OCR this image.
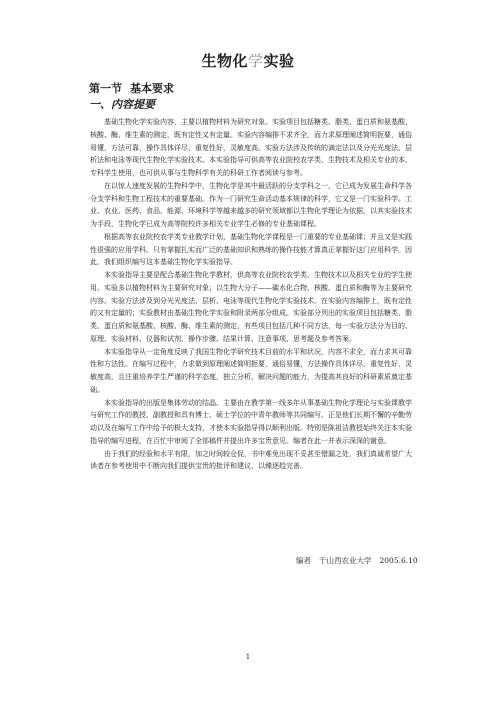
生物化学实验
第一节 基本要求
一、内容提要

基础生物化学实验内容，主要以植物材料为研究对象。实验项目包括糖类、脂类、蛋白质和氨基酸、核酸、酶、维生素的测定，既有定性又有定量。实验内容编排不求齐全，而力求原理阐述简明扼要，通俗易懂，方法可靠，操作具体详尽，重复性好，灵敏度高。实验方法涉及传统的滴定法以及分光光度法、层析法和电泳等现代生物化学实验技术。本实验指导可供高等农业院校农学类、生物技术及相关专业的本、专科学生使用，也可供从事与生物科学有关的科研工作者阅读与参考。

在以惊人速度发展的生物科学中，生物化学是其中最活跃的分支学科之一，它已成为发展生命科学各分支学科和生物工程技术的重要基础。作为一门研究生命活动基本规律的科学，它又是一门实验科学。工业、农业、医药、食品、能源、环境科学等越来越多的研究领域都以生物化学理论为依据，以其实验技术为手段，生物化学已成为高等院校许多相关专业学生必修的专业基础课程。

根据高等农业院校农学类专业教学计划，基础生物化学课程是一门重要的专业基础课；并且又是实践性很强的应用学科。只有掌握扎实而广泛的基础知识和熟练的操作技能才算真正掌握好这门应用科学。因此，我们组织编写这本基础生物化学实验指导。

本实验指导主要是配合基础生物化学教材，供高等农业院校农学类、生物技术以及相关专业的学生使用。实验多以植物材料为主要研究对象；以生物大分子——碳水化合物、核酸、蛋白质和酶等为主要研究内容。实验方法涉及到分光光度法、层析、电泳等现代生物化学实验技术。在实验内容编排上，既有定性的又有定量的；实验教材由基础生物化学实验和附录两部分组成。实验部分列出的实验项目包括糖类、脂类、蛋白质和氨基酸、核酸、酶、维生素的测定，有些项目包括几种不同方法，每一实验方法分为目的、原理、实验材料、仪器和试剂、操作步骤、结果计算、注意事项、思考题及参考答案。

本实验指导从一定角度反映了我国生物化学研究技术目前的水平和状况，内容不求全，而力求其可靠性和方法性。在编写过程中，力求做到原理阐述简明扼要，通俗易懂，方法操作具体详尽，重复性好，灵敏度高，且注重培养学生严谨的科学态度，独立分析、解决问题的能力，为提高其良好的科研素质奠定基础。

本实验指导的出版是集体劳动的结晶。主要由在教学第一线多年从事基础生物化学理论与实验课教学与研究工作的教授、副教授和具有博士、硕士学位的中青年教师等共同编写。正是他们长期不懈的辛勤劳动以及在编写工作中给予的极大支持，才使本实验指导得以顺利出版。特别是陈祖洁教授始终关注本实验指导的编写进程，在百忙中审阅了全部稿件并提出许多宝贵意见。编者在此一并表示深深的谢意。

由于我们的经验和水平有限，加之时间较仓促，书中难免出现不妥甚至错漏之处，我们真诚希望广大读者在参考使用中不断向我们提供宝贵的批评和建议，以臻逐趋完善。

编者 于山西农业大学 2005.6.10
1
